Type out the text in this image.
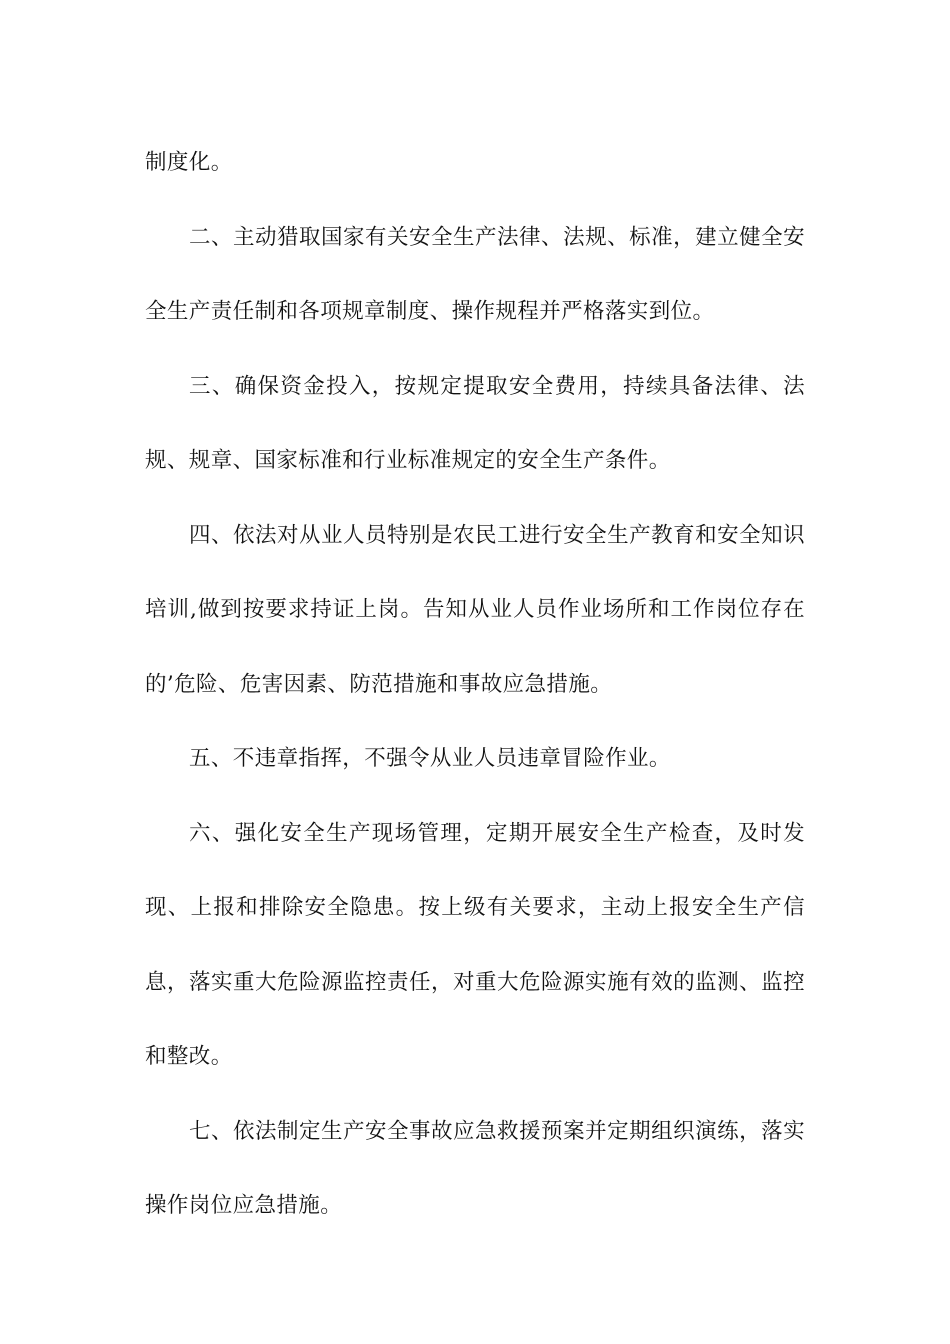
制度化。

二、主动猎取国家有关安全生产法律、法规、标准，建立健全安全生产责任制和各项规章制度、操作规程并严格落实到位。

三、确保资金投入，按规定提取安全费用，持续具备法律、法规、规章、国家标准和行业标准规定的安全生产条件。

四、依法对从业人员特别是农民工进行安全生产教育和安全知识培训,做到按要求持证上岗。告知从业人员作业场所和工作岗位存在的’危险、危害因素、防范措施和事故应急措施。

五、不违章指挥，不强令从业人员违章冒险作业。

六、强化安全生产现场管理，定期开展安全生产检查，及时发现、上报和排除安全隐患。按上级有关要求，主动上报安全生产信息，落实重大危险源监控责任，对重大危险源实施有效的监测、监控和整改。

七、依法制定生产安全事故应急救援预案并定期组织演练，落实操作岗位应急措施。
